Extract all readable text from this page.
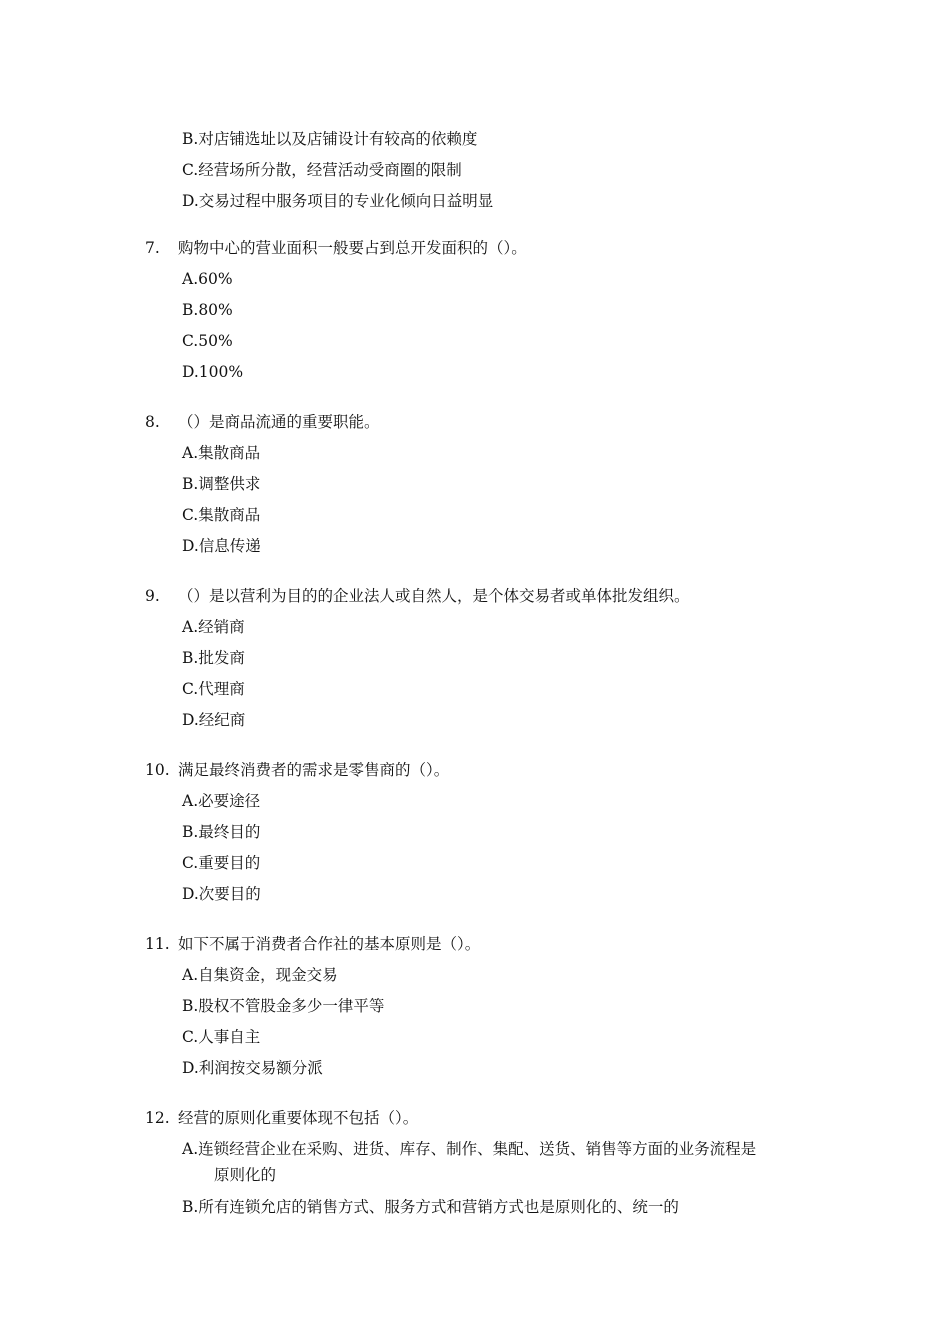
B.对店铺选址以及店铺设计有较高的依赖度
C.经营场所分散，经营活动受商圈的限制
D.交易过程中服务项目的专业化倾向日益明显
7.	购物中心的营业面积一般要占到总开发面积的（）。
A.60%
B.80%
C.50%
D.100%
8.	（）是商品流通的重要职能。
A.集散商品
B.调整供求
C.集散商品
D.信息传递
9.	（）是以营利为目的的企业法人或自然人，是个体交易者或单体批发组织。
A.经销商
B.批发商
C.代理商
D.经纪商
10. 满足最终消费者的需求是零售商的（）。
A.必要途径
B.最终目的
C.重要目的
D.次要目的
11. 如下不属于消费者合作社的基本原则是（）。
A.自集资金，现金交易
B.股权不管股金多少一律平等
C.人事自主
D.利润按交易额分派
12. 经营的原则化重要体现不包括（）。
A.连锁经营企业在采购、进货、库存、制作、集配、送货、销售等方面的业务流程是
原则化的
B.所有连锁允店的销售方式、服务方式和营销方式也是原则化的、统一的
